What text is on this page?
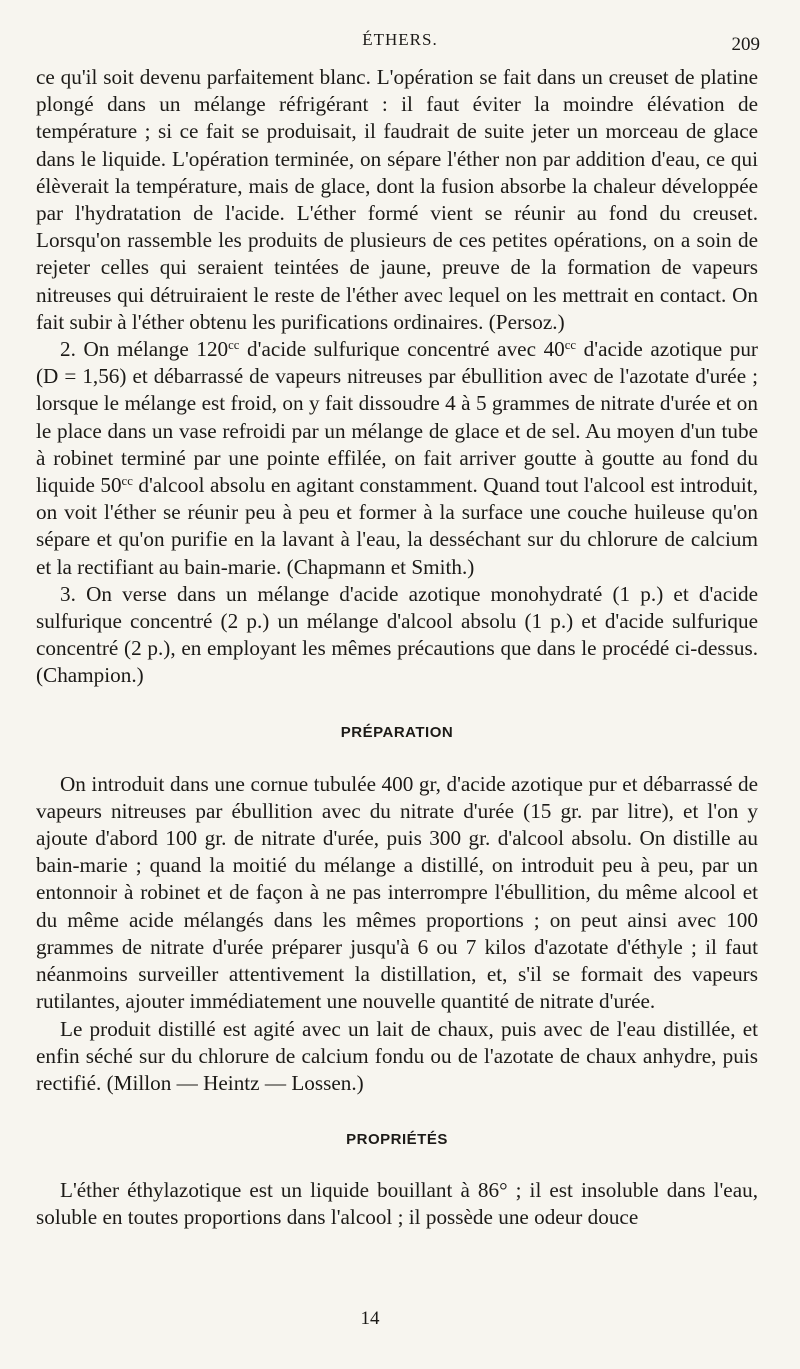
ÉTHERS.	209

ce qu'il soit devenu parfaitement blanc. L'opération se fait dans un creuset de platine plongé dans un mélange réfrigérant : il faut éviter la moindre élévation de température ; si ce fait se produisait, il faudrait de suite jeter un morceau de glace dans le liquide. L'opération terminée, on sépare l'éther non par addition d'eau, ce qui élèverait la température, mais de glace, dont la fusion absorbe la chaleur développée par l'hydratation de l'acide. L'éther formé vient se réunir au fond du creuset. Lorsqu'on rassemble les produits de plusieurs de ces petites opérations, on a soin de rejeter celles qui seraient teintées de jaune, preuve de la formation de vapeurs nitreuses qui détruiraient le reste de l'éther avec lequel on les mettrait en contact. On fait subir à l'éther obtenu les purifications ordinaires. (Persoz.)

2. On mélange $120^{cc}$ d'acide sulfurique concentré avec $40^{cc}$ d'acide azotique pur (D = 1,56) et débarrassé de vapeurs nitreuses par ébullition avec de l'azotate d'urée ; lorsque le mélange est froid, on y fait dissoudre 4 à 5 grammes de nitrate d'urée et on le place dans un vase refroidi par un mélange de glace et de sel. Au moyen d'un tube à robinet terminé par une pointe effilée, on fait arriver goutte à goutte au fond du liquide $50^{cc}$ d'alcool absolu en agitant constamment. Quand tout l'alcool est introduit, on voit l'éther se réunir peu à peu et former à la surface une couche huileuse qu'on sépare et qu'on purifie en la lavant à l'eau, la desséchant sur du chlorure de calcium et la rectifiant au bain-marie. (Chapmann et Smith.)

3. On verse dans un mélange d'acide azotique monohydraté (1 p.) et d'acide sulfurique concentré (2 p.) un mélange d'alcool absolu (1 p.) et d'acide sulfurique concentré (2 p.), en employant les mêmes précautions que dans le procédé ci-dessus. (Champion.)

PRÉPARATION

On introduit dans une cornue tubulée 400 gr, d'acide azotique pur et débarrassé de vapeurs nitreuses par ébullition avec du nitrate d'urée (15 gr. par litre), et l'on y ajoute d'abord 100 gr. de nitrate d'urée, puis 300 gr. d'alcool absolu. On distille au bain-marie ; quand la moitié du mélange a distillé, on introduit peu à peu, par un entonnoir à robinet et de façon à ne pas interrompre l'ébullition, du même alcool et du même acide mélangés dans les mêmes proportions ; on peut ainsi avec 100 grammes de nitrate d'urée préparer jusqu'à 6 ou 7 kilos d'azotate d'éthyle ; il faut néanmoins surveiller attentivement la distillation, et, s'il se formait des vapeurs rutilantes, ajouter immédiatement une nouvelle quantité de nitrate d'urée.

Le produit distillé est agité avec un lait de chaux, puis avec de l'eau distillée, et enfin séché sur du chlorure de calcium fondu ou de l'azotate de chaux anhydre, puis rectifié. (Millon — Heintz — Lossen.)

PROPRIÉTÉS

L'éther éthylazotique est un liquide bouillant à 86° ; il est insoluble dans l'eau, soluble en toutes proportions dans l'alcool ; il possède une odeur douce

14
